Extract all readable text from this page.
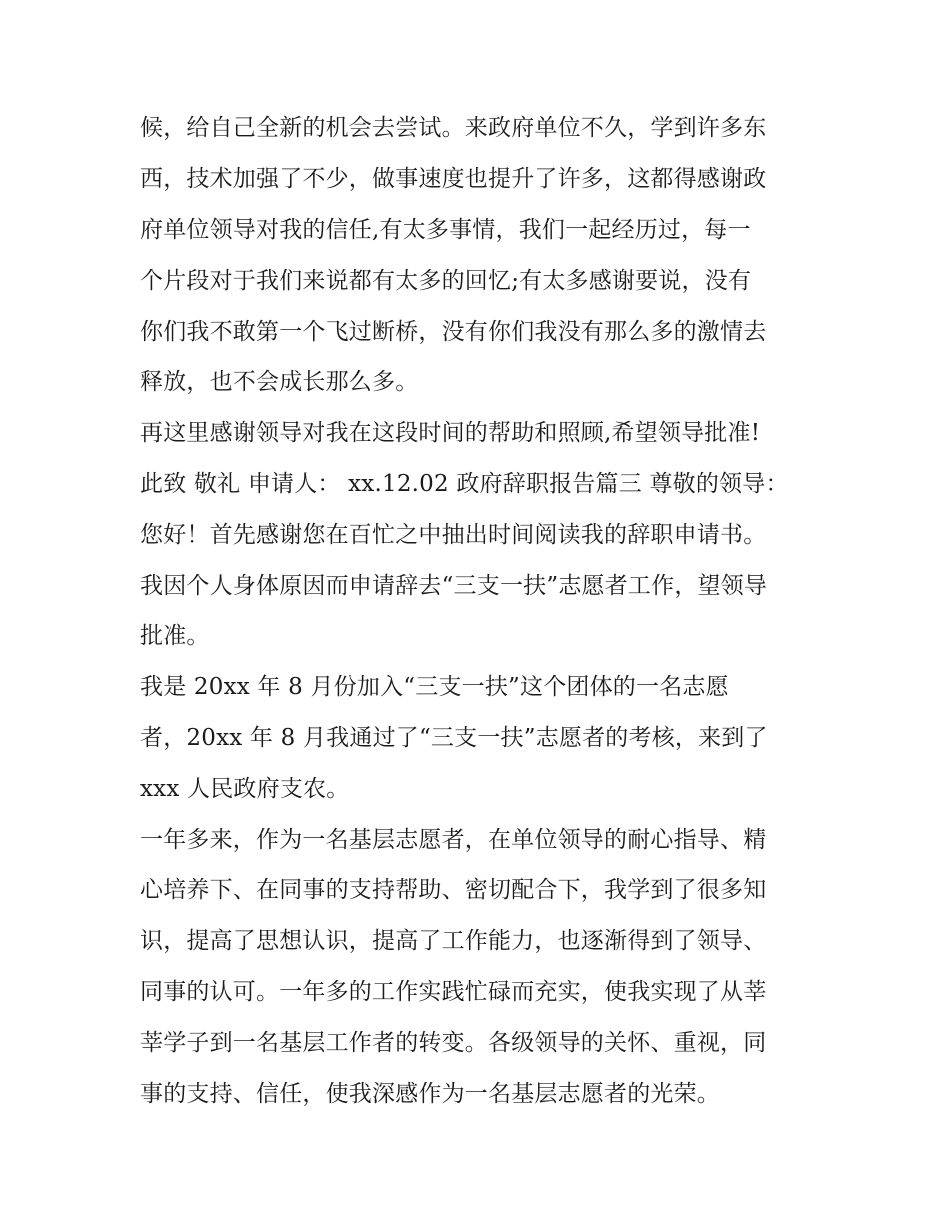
候，给自己全新的机会去尝试。来政府单位不久，学到许多东
西，技术加强了不少，做事速度也提升了许多，这都得感谢政
府单位领导对我的信任,有太多事情，我们一起经历过，每一
个片段对于我们来说都有太多的回忆;有太多感谢要说，没有
你们我不敢第一个飞过断桥，没有你们我没有那么多的激情去
释放，也不会成长那么多。
再这里感谢领导对我在这段时间的帮助和照顾,希望领导批准!
此致 敬礼 申请人： xx.12.02 政府辞职报告篇三 尊敬的领导：
您好！首先感谢您在百忙之中抽出时间阅读我的辞职申请书。
我因个人身体原因而申请辞去“三支一扶”志愿者工作，望领导
批准。
我是 20xx 年 8 月份加入“三支一扶”这个团体的一名志愿
者，20xx 年 8 月我通过了“三支一扶”志愿者的考核，来到了
xxx 人民政府支农。
一年多来，作为一名基层志愿者，在单位领导的耐心指导、精
心培养下、在同事的支持帮助、密切配合下，我学到了很多知
识，提高了思想认识，提高了工作能力，也逐渐得到了领导、
同事的认可。一年多的工作实践忙碌而充实，使我实现了从莘
莘学子到一名基层工作者的转变。各级领导的关怀、重视，同
事的支持、信任，使我深感作为一名基层志愿者的光荣。
